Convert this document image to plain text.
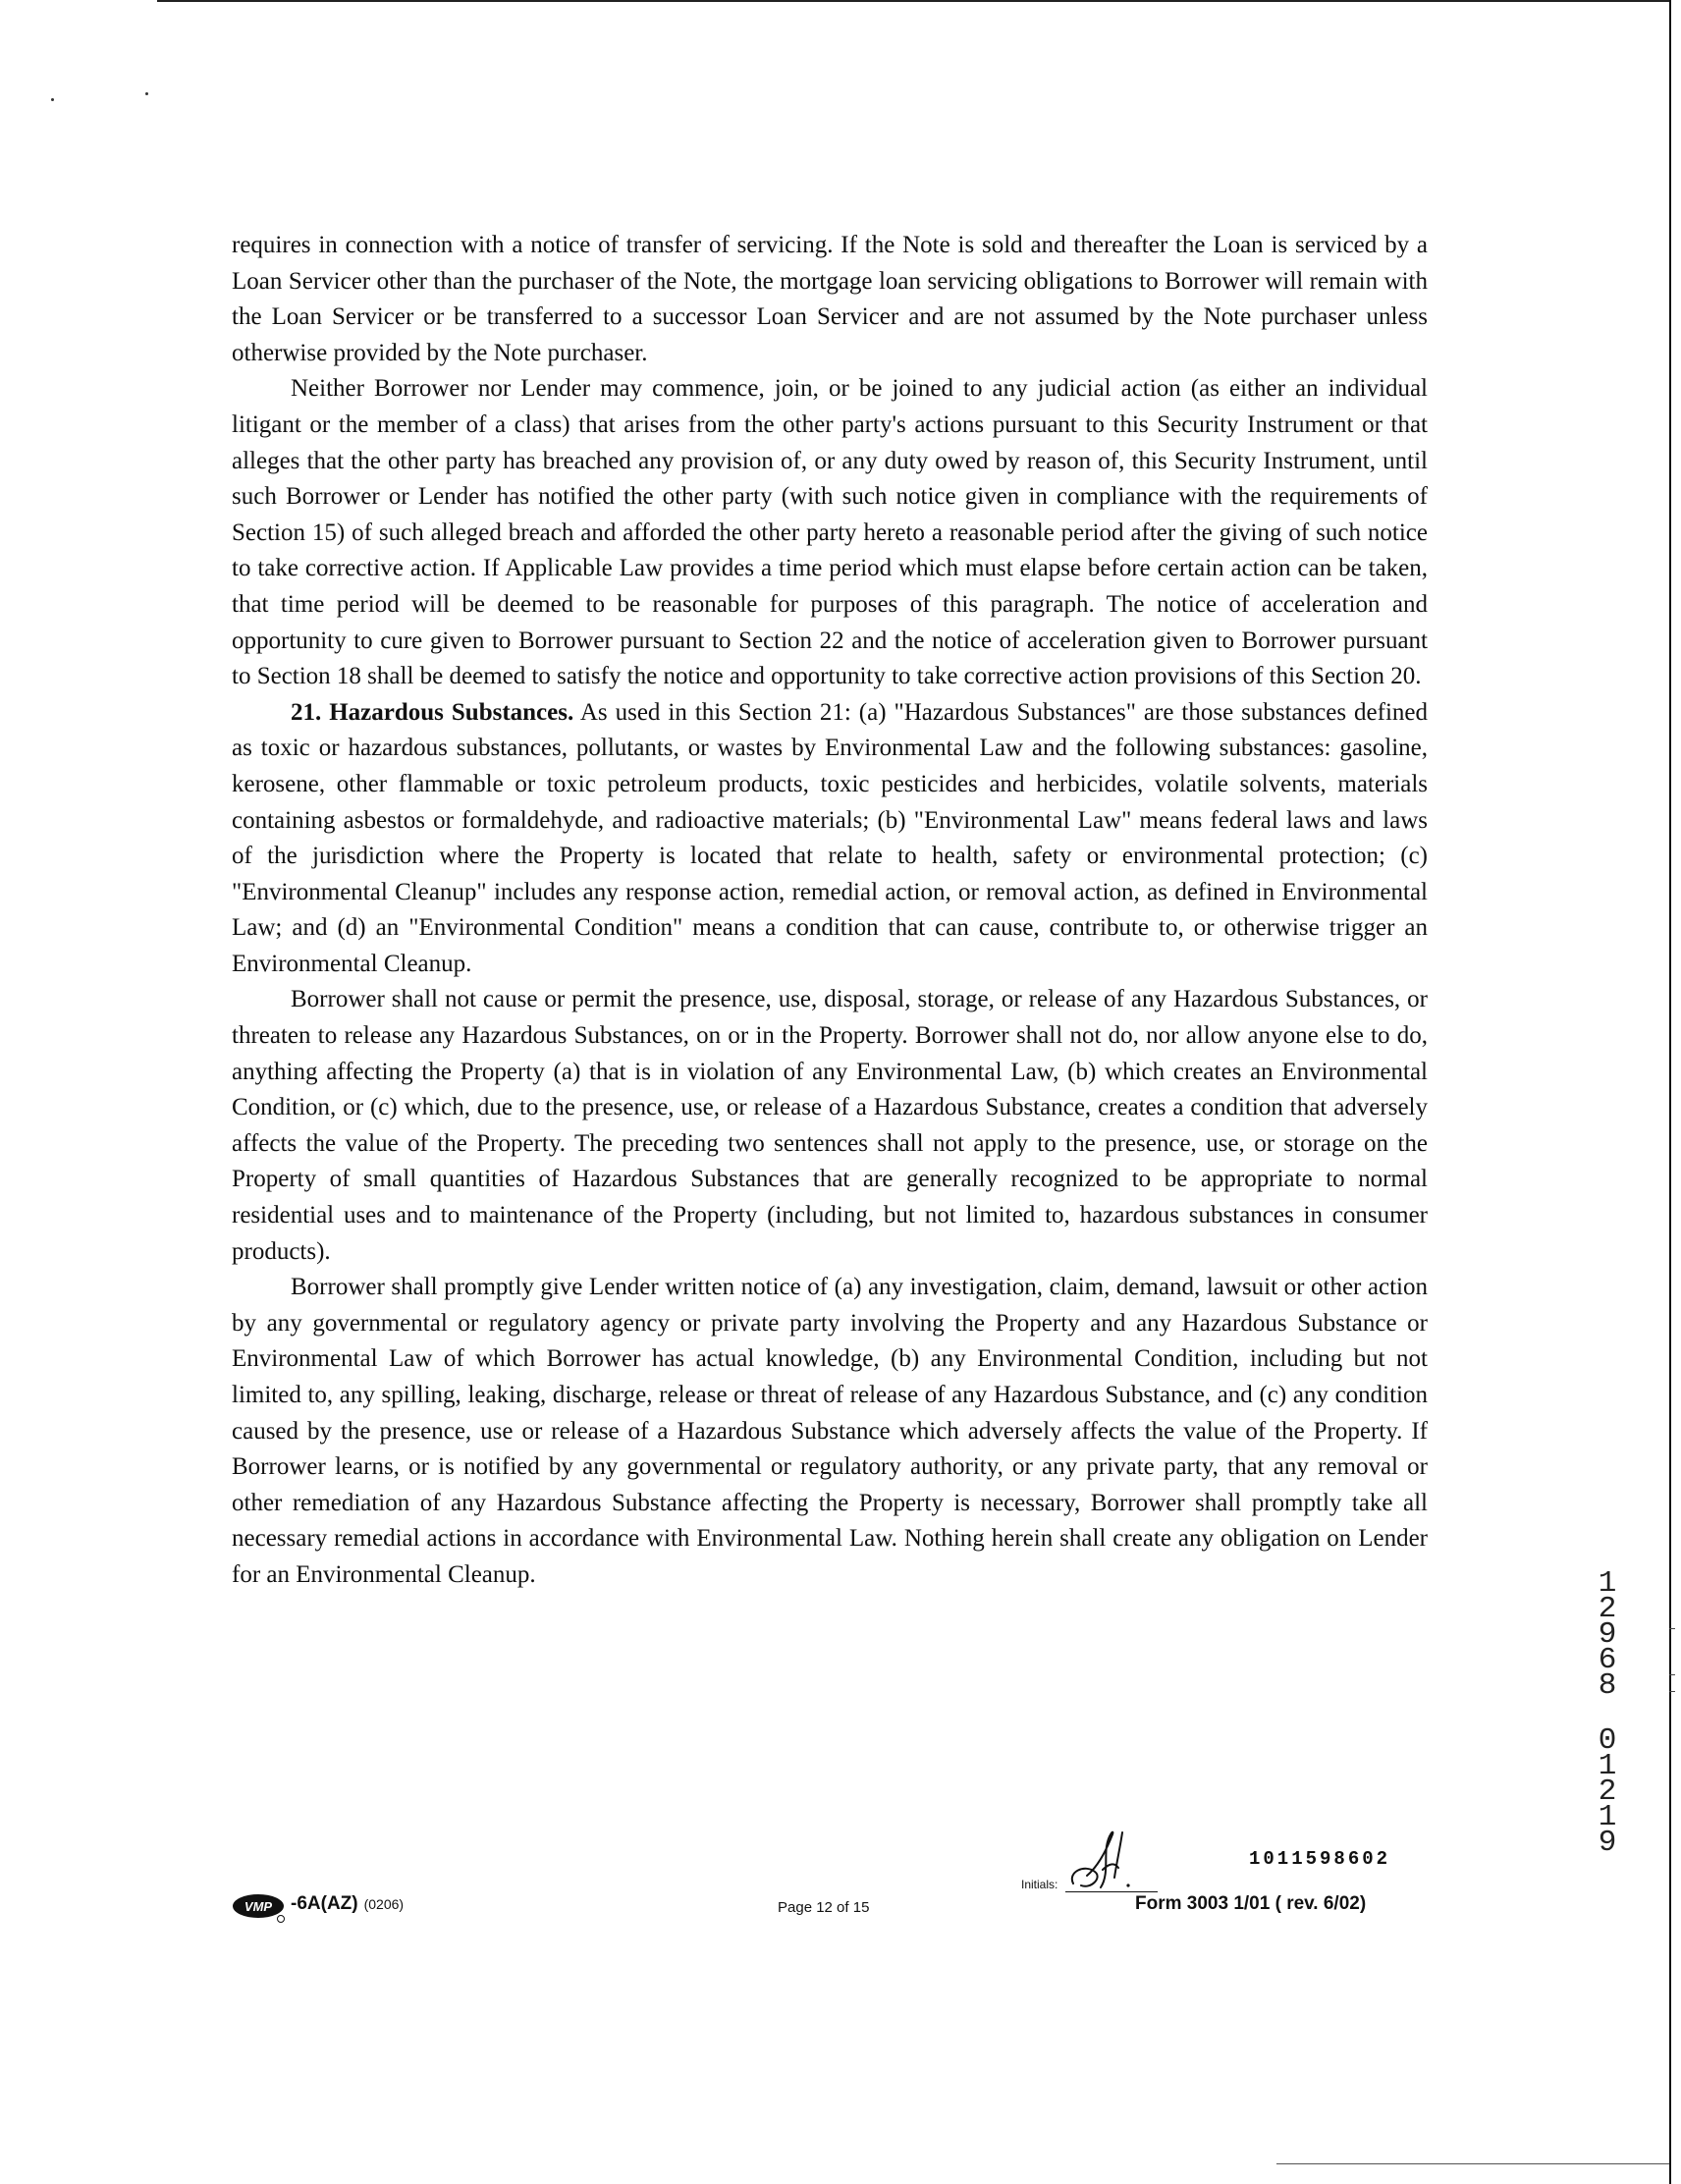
requires in connection with a notice of transfer of servicing. If the Note is sold and thereafter the Loan is serviced by a Loan Servicer other than the purchaser of the Note, the mortgage loan servicing obligations to Borrower will remain with the Loan Servicer or be transferred to a successor Loan Servicer and are not assumed by the Note purchaser unless otherwise provided by the Note purchaser.

Neither Borrower nor Lender may commence, join, or be joined to any judicial action (as either an individual litigant or the member of a class) that arises from the other party's actions pursuant to this Security Instrument or that alleges that the other party has breached any provision of, or any duty owed by reason of, this Security Instrument, until such Borrower or Lender has notified the other party (with such notice given in compliance with the requirements of Section 15) of such alleged breach and afforded the other party hereto a reasonable period after the giving of such notice to take corrective action. If Applicable Law provides a time period which must elapse before certain action can be taken, that time period will be deemed to be reasonable for purposes of this paragraph. The notice of acceleration and opportunity to cure given to Borrower pursuant to Section 22 and the notice of acceleration given to Borrower pursuant to Section 18 shall be deemed to satisfy the notice and opportunity to take corrective action provisions of this Section 20.

21. Hazardous Substances. As used in this Section 21: (a) "Hazardous Substances" are those substances defined as toxic or hazardous substances, pollutants, or wastes by Environmental Law and the following substances: gasoline, kerosene, other flammable or toxic petroleum products, toxic pesticides and herbicides, volatile solvents, materials containing asbestos or formaldehyde, and radioactive materials; (b) "Environmental Law" means federal laws and laws of the jurisdiction where the Property is located that relate to health, safety or environmental protection; (c) "Environmental Cleanup" includes any response action, remedial action, or removal action, as defined in Environmental Law; and (d) an "Environmental Condition" means a condition that can cause, contribute to, or otherwise trigger an Environmental Cleanup.

Borrower shall not cause or permit the presence, use, disposal, storage, or release of any Hazardous Substances, or threaten to release any Hazardous Substances, on or in the Property. Borrower shall not do, nor allow anyone else to do, anything affecting the Property (a) that is in violation of any Environmental Law, (b) which creates an Environmental Condition, or (c) which, due to the presence, use, or release of a Hazardous Substance, creates a condition that adversely affects the value of the Property. The preceding two sentences shall not apply to the presence, use, or storage on the Property of small quantities of Hazardous Substances that are generally recognized to be appropriate to normal residential uses and to maintenance of the Property (including, but not limited to, hazardous substances in consumer products).

Borrower shall promptly give Lender written notice of (a) any investigation, claim, demand, lawsuit or other action by any governmental or regulatory agency or private party involving the Property and any Hazardous Substance or Environmental Law of which Borrower has actual knowledge, (b) any Environmental Condition, including but not limited to, any spilling, leaking, discharge, release or threat of release of any Hazardous Substance, and (c) any condition caused by the presence, use or release of a Hazardous Substance which adversely affects the value of the Property. If Borrower learns, or is notified by any governmental or regulatory authority, or any private party, that any removal or other remediation of any Hazardous Substance affecting the Property is necessary, Borrower shall promptly take all necessary remedial actions in accordance with Environmental Law. Nothing herein shall create any obligation on Lender for an Environmental Cleanup.

VMP -6A(AZ) (0206)	Page 12 of 15
Initials:
1011598602
Form 3003 1/01 ( rev. 6/02)
1
2
9
6
8
0
1
2
1
9
